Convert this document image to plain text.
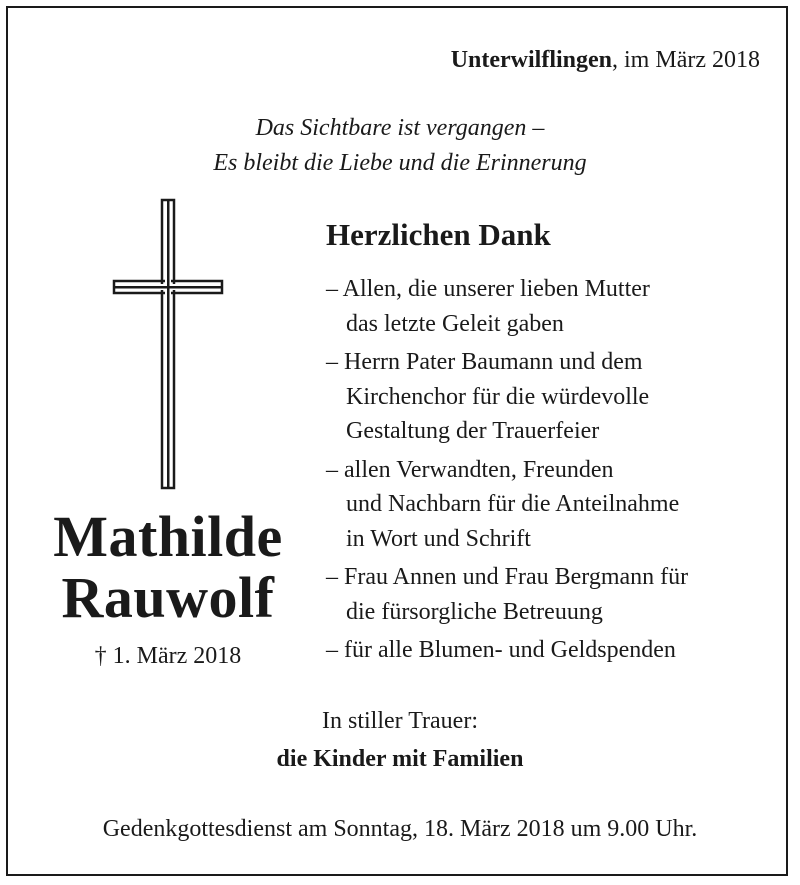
Unterwilflingen, im März 2018
Das Sichtbare ist vergangen –
Es bleibt die Liebe und die Erinnerung
Mathilde
Rauwolf
† 1. März 2018
Herzlichen Dank
– Allen, die unserer lieben Mutter
das letzte Geleit gaben
– Herrn Pater Baumann und dem
Kirchenchor für die würdevolle
Gestaltung der Trauerfeier
– allen Verwandten, Freunden
und Nachbarn für die Anteilnahme
in Wort und Schrift
– Frau Annen und Frau Bergmann für
die fürsorgliche Betreuung
– für alle Blumen- und Geldspenden
In stiller Trauer:
die Kinder mit Familien
Gedenkgottesdienst am Sonntag, 18. März 2018 um 9.00 Uhr.
